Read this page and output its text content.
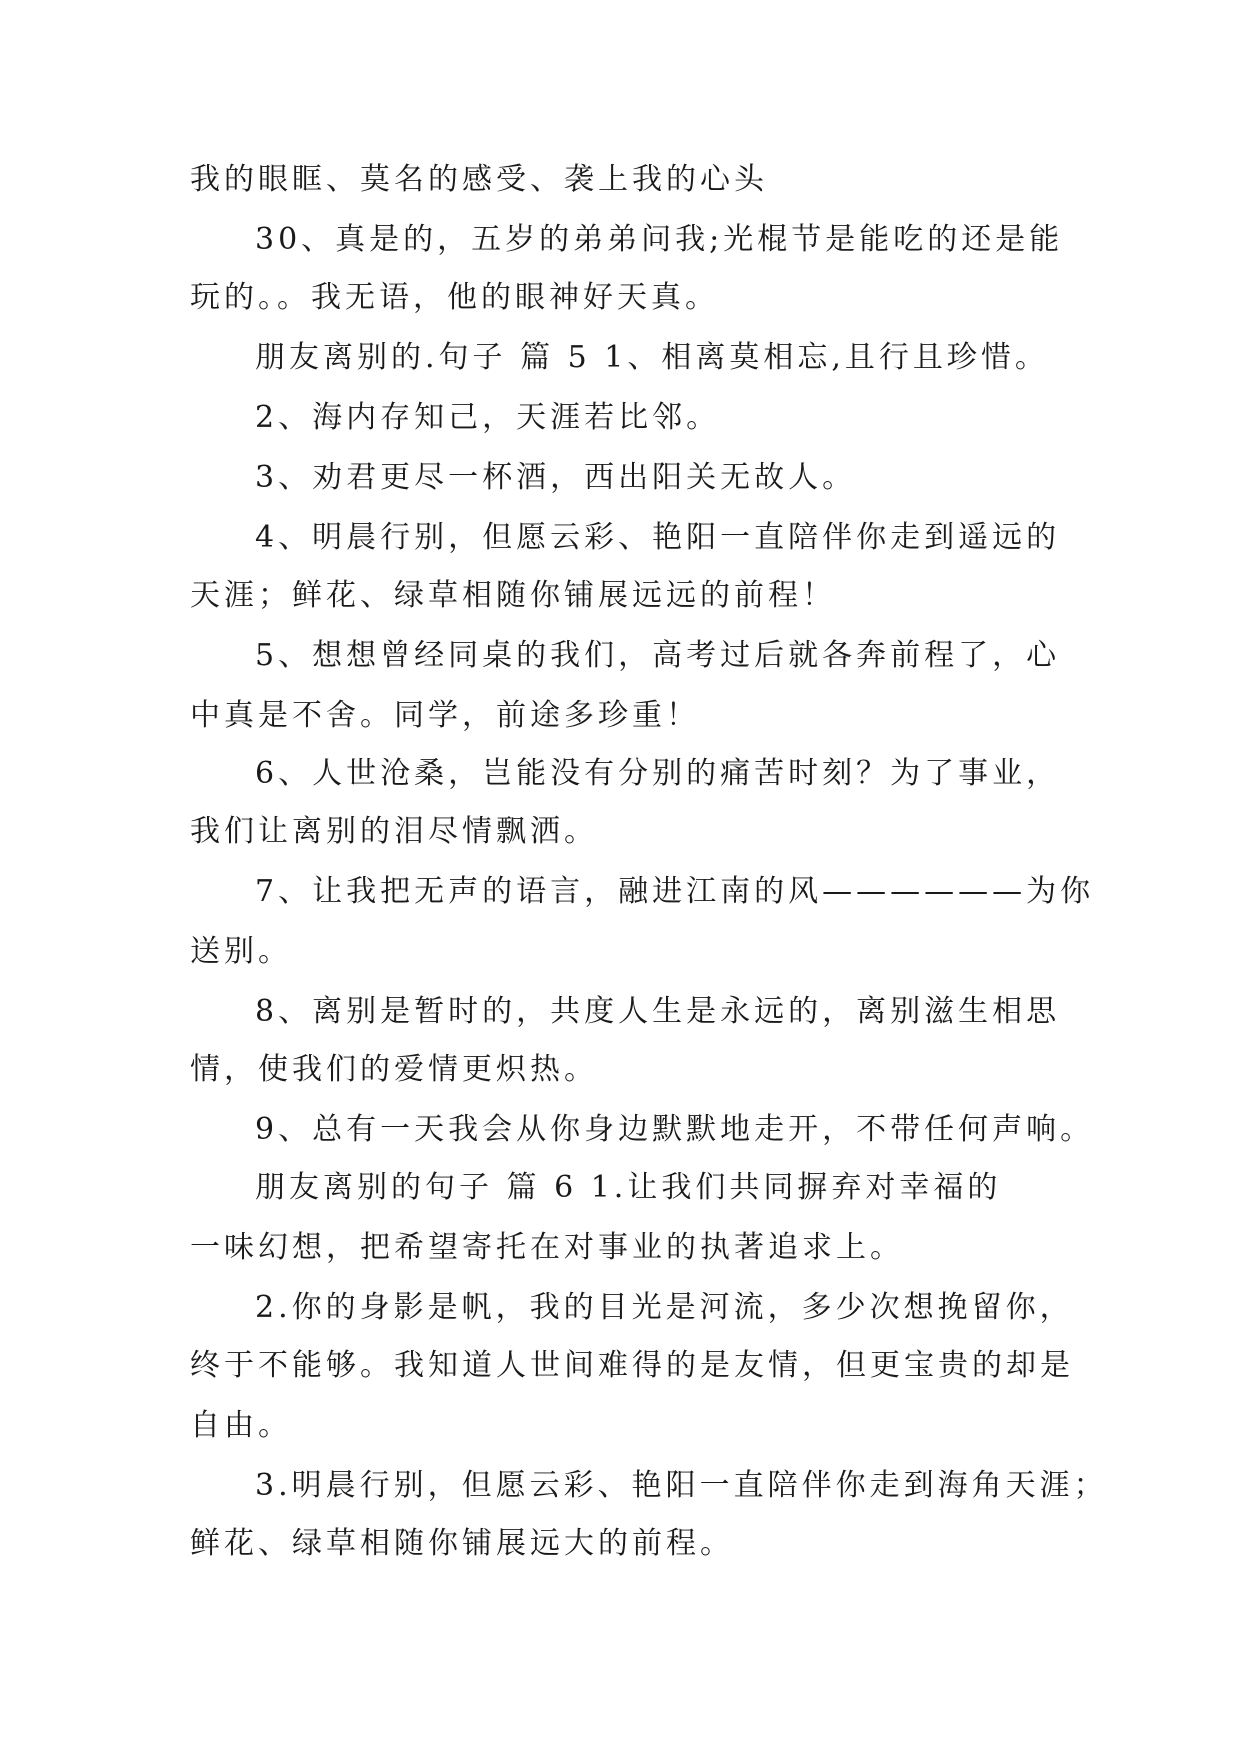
我的眼眶、莫名的感受、袭上我的心头

30、真是的，五岁的弟弟问我;光棍节是能吃的还是能

玩的。。我无语，他的眼神好天真。

朋友离别的.句子 篇 5 1、相离莫相忘,且行且珍惜。

2、海内存知己，天涯若比邻。

3、劝君更尽一杯酒，西出阳关无故人。

4、明晨行别，但愿云彩、艳阳一直陪伴你走到遥远的

天涯；鲜花、绿草相随你铺展远远的前程！

5、想想曾经同桌的我们，高考过后就各奔前程了，心

中真是不舍。同学，前途多珍重！

6、人世沧桑，岂能没有分别的痛苦时刻？为了事业，

我们让离别的泪尽情飘洒。

7、让我把无声的语言，融进江南的风——————为你

送别。

8、离别是暂时的，共度人生是永远的，离别滋生相思

情，使我们的爱情更炽热。

9、总有一天我会从你身边默默地走开，不带任何声响。

朋友离别的句子 篇 6 1.让我们共同摒弃对幸福的

一味幻想，把希望寄托在对事业的执著追求上。

2.你的身影是帆，我的目光是河流，多少次想挽留你，

终于不能够。我知道人世间难得的是友情，但更宝贵的却是

自由。

3.明晨行别，但愿云彩、艳阳一直陪伴你走到海角天涯；

鲜花、绿草相随你铺展远大的前程。
